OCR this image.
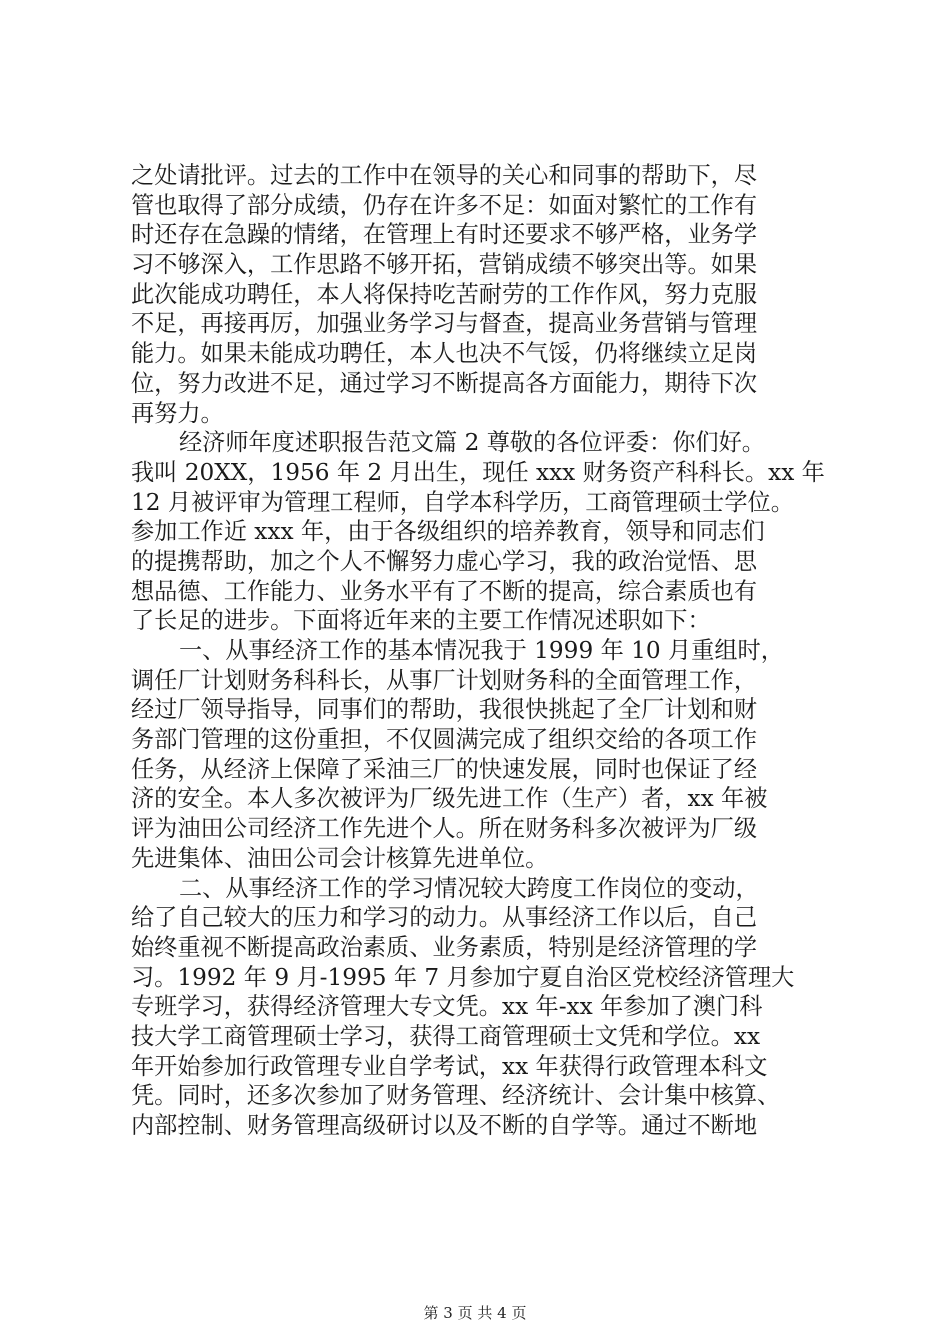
之处请批评。过去的工作中在领导的关心和同事的帮助下，尽
管也取得了部分成绩，仍存在许多不足：如面对繁忙的工作有
时还存在急躁的情绪，在管理上有时还要求不够严格，业务学
习不够深入，工作思路不够开拓，营销成绩不够突出等。如果
此次能成功聘任，本人将保持吃苦耐劳的工作作风，努力克服
不足，再接再厉，加强业务学习与督查，提高业务营销与管理
能力。如果未能成功聘任，本人也决不气馁，仍将继续立足岗
位，努力改进不足，通过学习不断提高各方面能力，期待下次
再努力。
经济师年度述职报告范文篇 2 尊敬的各位评委：你们好。
我叫 20XX，1956 年 2 月出生，现任 xxx 财务资产科科长。xx 年
12 月被评审为管理工程师，自学本科学历，工商管理硕士学位。
参加工作近 xxx 年，由于各级组织的培养教育，领导和同志们
的提携帮助，加之个人不懈努力虚心学习，我的政治觉悟、思
想品德、工作能力、业务水平有了不断的提高，综合素质也有
了长足的进步。下面将近年来的主要工作情况述职如下：
一、从事经济工作的基本情况我于 1999 年 10 月重组时，
调任厂计划财务科科长，从事厂计划财务科的全面管理工作，
经过厂领导指导，同事们的帮助，我很快挑起了全厂计划和财
务部门管理的这份重担，不仅圆满完成了组织交给的各项工作
任务，从经济上保障了采油三厂的快速发展，同时也保证了经
济的安全。本人多次被评为厂级先进工作（生产）者，xx 年被
评为油田公司经济工作先进个人。所在财务科多次被评为厂级
先进集体、油田公司会计核算先进单位。
二、从事经济工作的学习情况较大跨度工作岗位的变动，
给了自己较大的压力和学习的动力。从事经济工作以后，自己
始终重视不断提高政治素质、业务素质，特别是经济管理的学
习。1992 年 9 月-1995 年 7 月参加宁夏自治区党校经济管理大
专班学习，获得经济管理大专文凭。xx 年-xx 年参加了澳门科
技大学工商管理硕士学习，获得工商管理硕士文凭和学位。xx
年开始参加行政管理专业自学考试，xx 年获得行政管理本科文
凭。同时，还多次参加了财务管理、经济统计、会计集中核算、
内部控制、财务管理高级研讨以及不断的自学等。通过不断地
第 3 页 共 4 页
